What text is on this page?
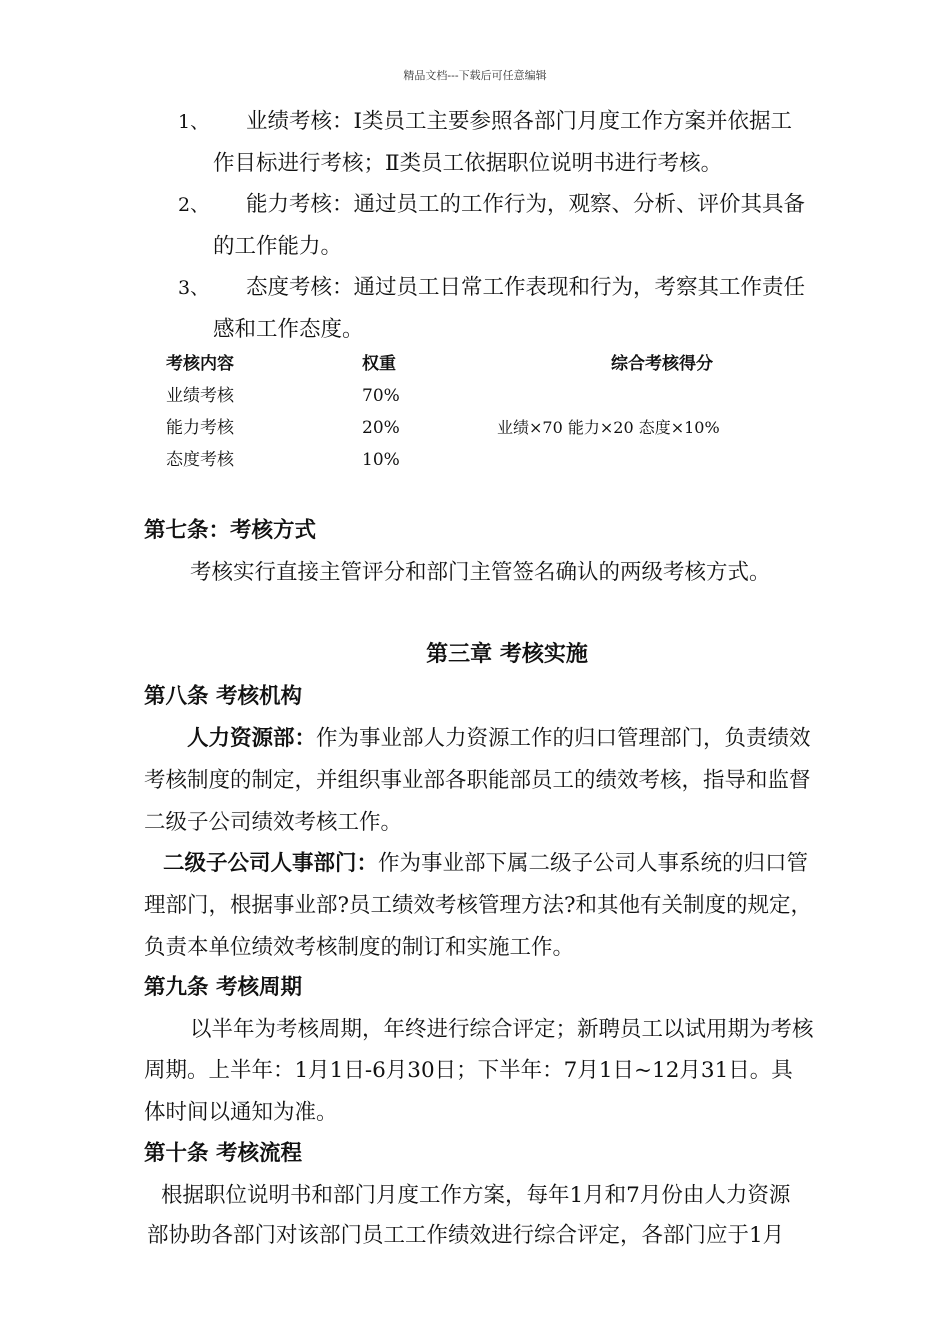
精品文档---下载后可任意编辑
1、 业绩考核：Ⅰ类员工主要参照各部门月度工作方案并依据工
作目标进行考核；Ⅱ类员工依据职位说明书进行考核。
2、 能力考核：通过员工的工作行为，观察、分析、评价其具备
的工作能力。
3、 态度考核：通过员工日常工作表现和行为，考察其工作责任
感和工作态度。
考核内容	权重	综合考核得分
业绩考核	70%
能力考核	20%	业绩×70 能力×20 态度×10%
态度考核	10%
第七条：考核方式
考核实行直接主管评分和部门主管签名确认的两级考核方式。
第三章 考核实施
第八条 考核机构
人力资源部：作为事业部人力资源工作的归口管理部门，负责绩效
考核制度的制定，并组织事业部各职能部员工的绩效考核，指导和监督
二级子公司绩效考核工作。
二级子公司人事部门：作为事业部下属二级子公司人事系统的归口管
理部门，根据事业部?员工绩效考核管理方法?和其他有关制度的规定，
负责本单位绩效考核制度的制订和实施工作。
第九条 考核周期
以半年为考核周期，年终进行综合评定；新聘员工以试用期为考核
周期。上半年：1月1日-6月30日；下半年：7月1日~12月31日。具
体时间以通知为准。
第十条 考核流程
根据职位说明书和部门月度工作方案，每年1月和7月份由人力资源
部协助各部门对该部门员工工作绩效进行综合评定，各部门应于1月
